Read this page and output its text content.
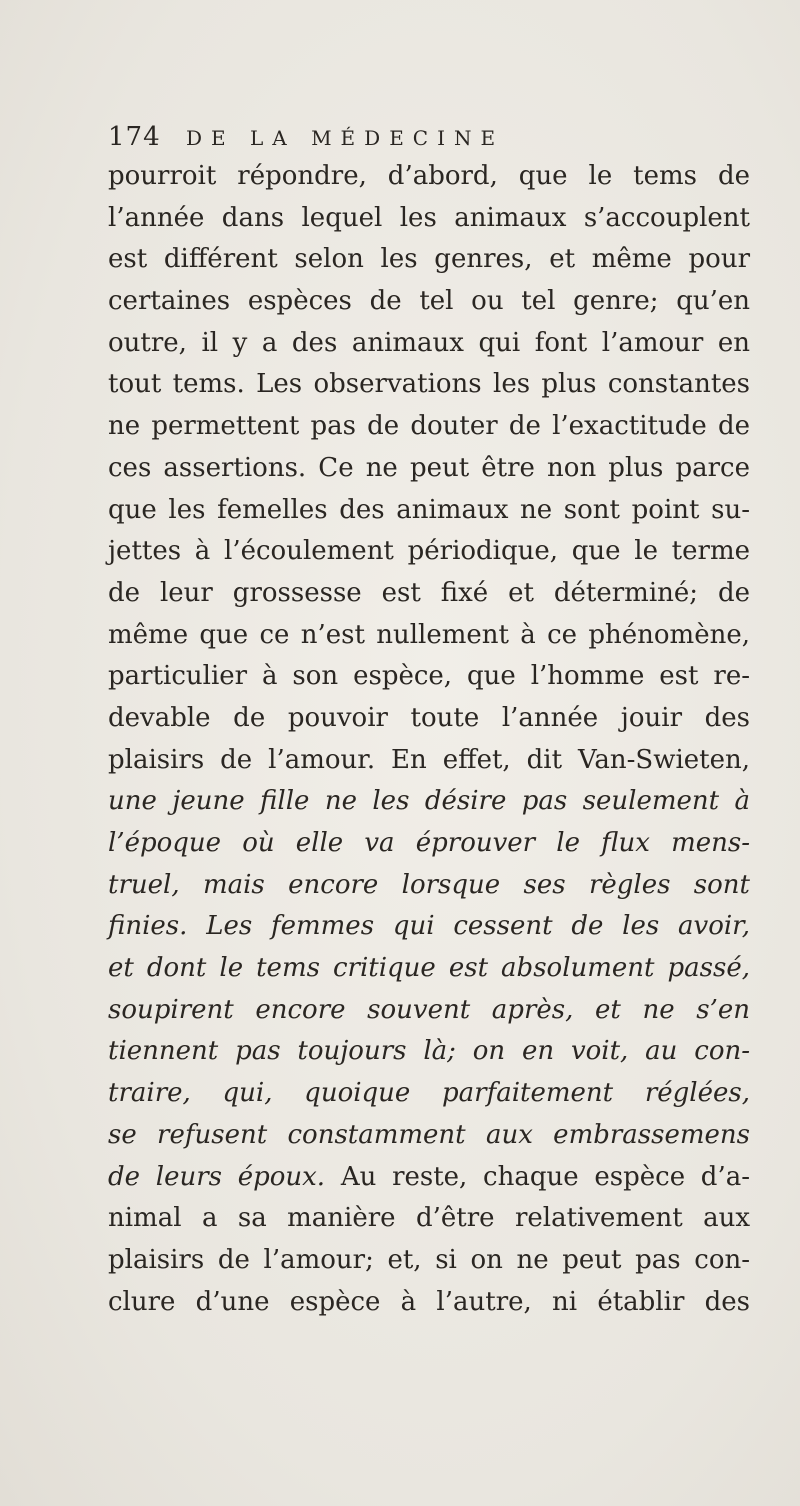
174 DE LA MÉDECINE
pourroit répondre, d’abord, que le tems de
l’année dans lequel les animaux s’accouplent
est différent selon les genres, et même pour
certaines espèces de tel ou tel genre; qu’en
outre, il y a des animaux qui font l’amour en
tout tems. Les observations les plus constantes
ne permettent pas de douter de l’exactitude de
ces assertions. Ce ne peut être non plus parce
que les femelles des animaux ne sont point su-
jettes à l’écoulement périodique, que le terme
de leur grossesse est fixé et déterminé; de
même que ce n’est nullement à ce phénomène,
particulier à son espèce, que l’homme est re-
devable de pouvoir toute l’année jouir des
plaisirs de l’amour. En effet, dit Van-Swieten,
une jeune fille ne les désire pas seulement à
l’époque où elle va éprouver le flux mens-
truel, mais encore lorsque ses règles sont
finies. Les femmes qui cessent de les avoir,
et dont le tems critique est absolument passé,
soupirent encore souvent après, et ne s’en
tiennent pas toujours là; on en voit, au con-
traire, qui, quoique parfaitement réglées,
se refusent constamment aux embrassemens
de leurs époux. Au reste, chaque espèce d’a-
nimal a sa manière d’être relativement aux
plaisirs de l’amour; et, si on ne peut pas con-
clure d’une espèce à l’autre, ni établir des
